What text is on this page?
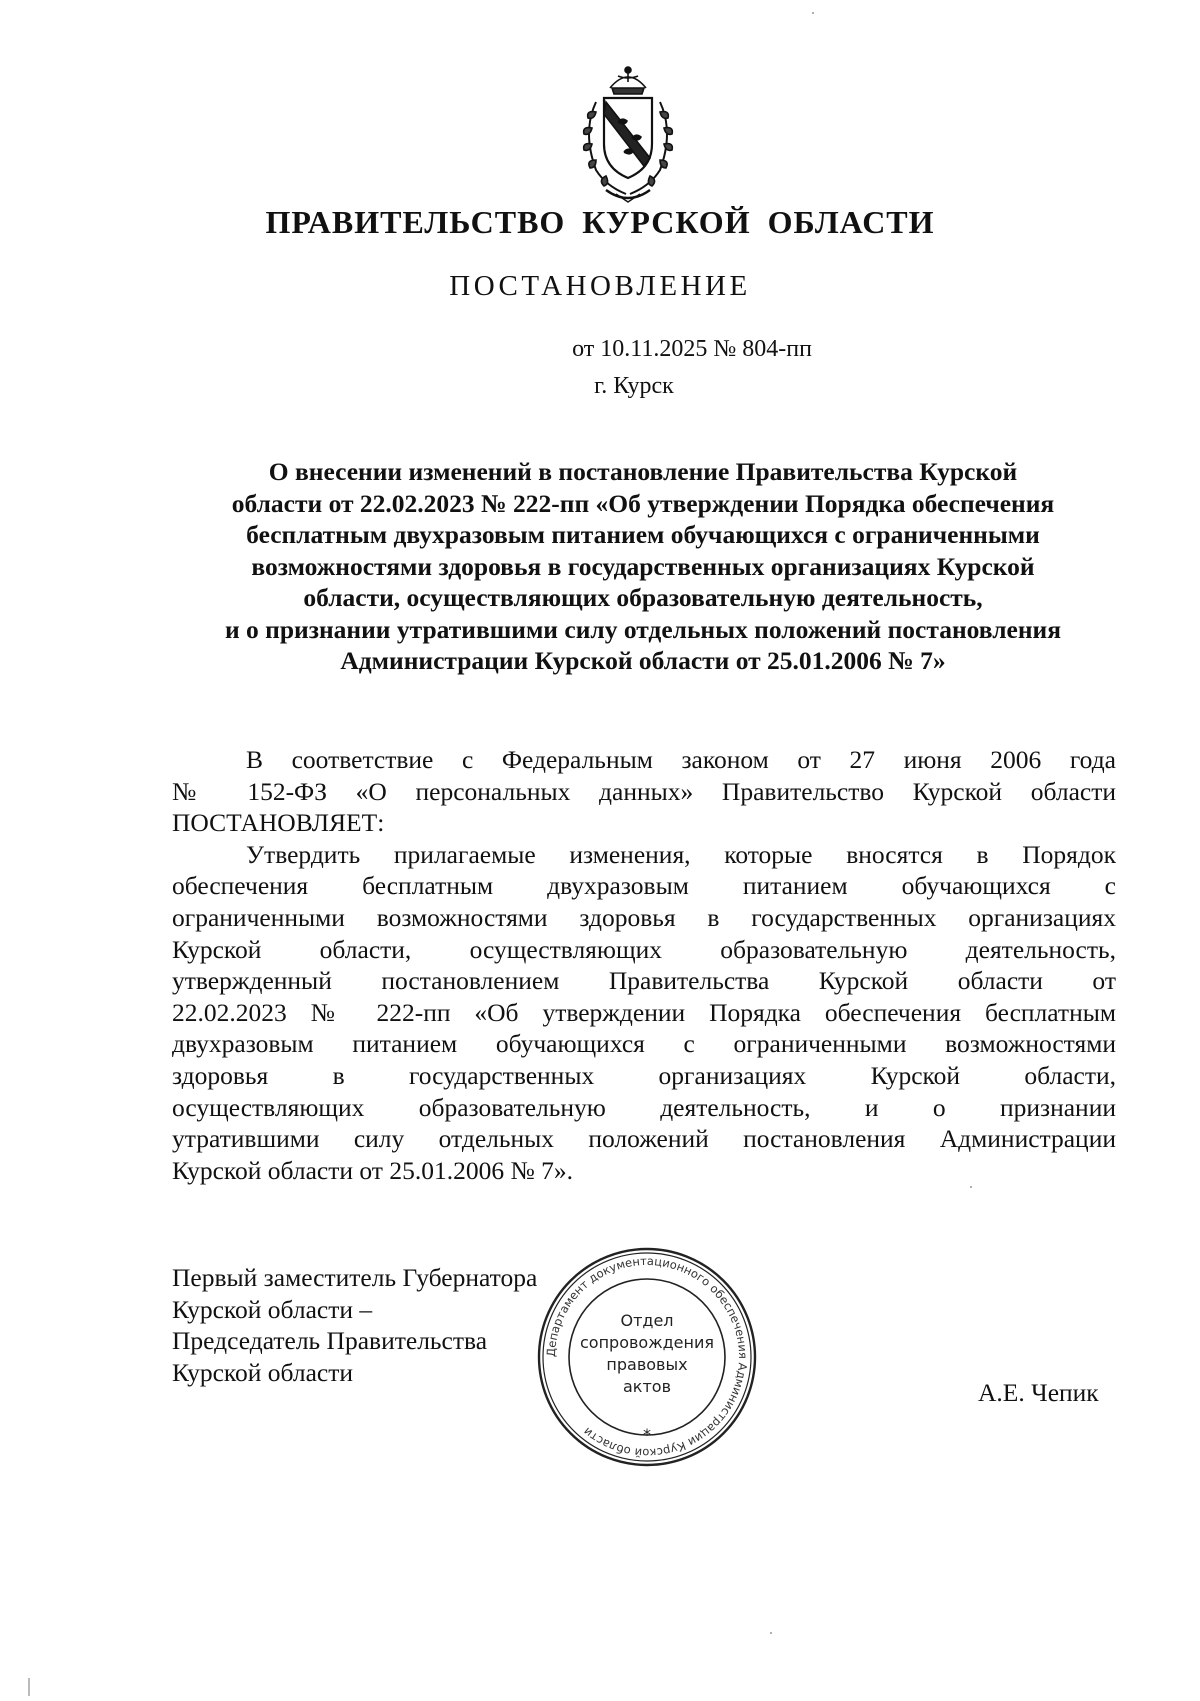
ПРАВИТЕЛЬСТВО КУРСКОЙ ОБЛАСТИ
ПОСТАНОВЛЕНИЕ
от 10.11.2025 № 804-пп
г. Курск
О внесении изменений в постановление Правительства Курской
области от 22.02.2023 № 222-пп «Об утверждении Порядка обеспечения
бесплатным двухразовым питанием обучающихся с ограниченными
возможностями здоровья в государственных организациях Курской
области, осуществляющих образовательную деятельность,
и о признании утратившими силу отдельных положений постановления
Администрации Курской области от 25.01.2006 № 7»
В соответствие с Федеральным законом от 27 июня 2006 года
№ 152-ФЗ «О персональных данных» Правительство Курской области
ПОСТАНОВЛЯЕТ:
Утвердить прилагаемые изменения, которые вносятся в Порядок
обеспечения бесплатным двухразовым питанием обучающихся с
ограниченными возможностями здоровья в государственных организациях
Курской области, осуществляющих образовательную деятельность,
утвержденный постановлением Правительства Курской области от
22.02.2023 № 222-пп «Об утверждении Порядка обеспечения бесплатным
двухразовым питанием обучающихся с ограниченными возможностями
здоровья в государственных организациях Курской области,
осуществляющих образовательную деятельность, и о признании
утратившими силу отдельных положений постановления Администрации
Курской области от 25.01.2006 № 7».
Первый заместитель Губернатора
Курской области –
Председатель Правительства
Курской области
А.Е. Чепик
Департамент документационного обеспечения Администрации Курской области
Отдел
сопровождения
правовых
актов
*
